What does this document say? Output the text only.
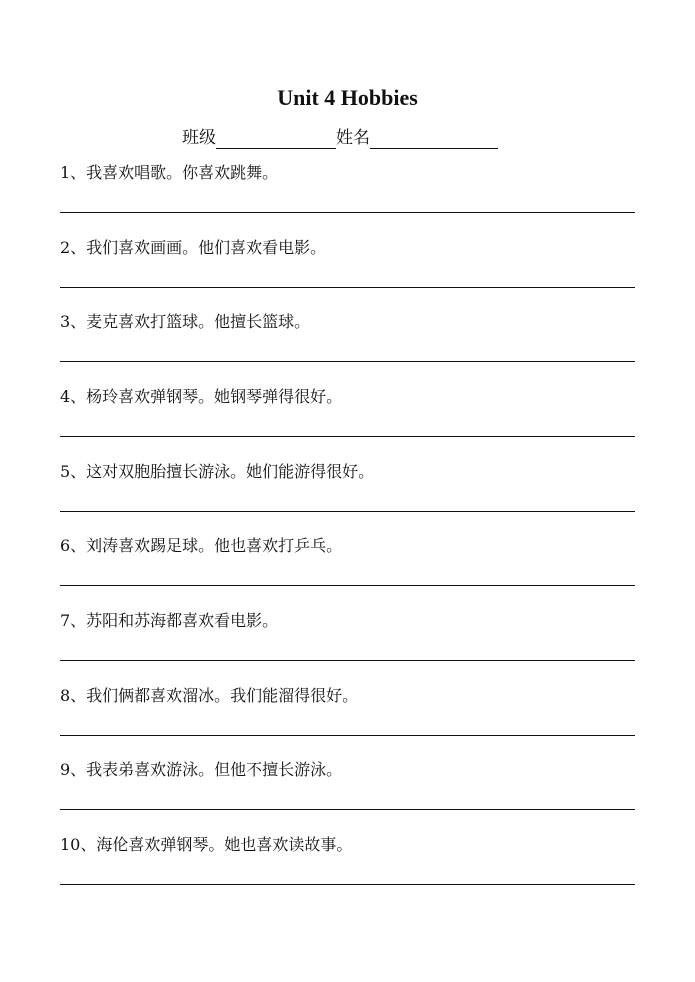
Unit 4 Hobbies
班级	姓名
1、我喜欢唱歌。你喜欢跳舞。
2、我们喜欢画画。他们喜欢看电影。
3、麦克喜欢打篮球。他擅长篮球。
4、杨玲喜欢弹钢琴。她钢琴弹得很好。
5、这对双胞胎擅长游泳。她们能游得很好。
6、刘涛喜欢踢足球。他也喜欢打乒乓。
7、苏阳和苏海都喜欢看电影。
8、我们俩都喜欢溜冰。我们能溜得很好。
9、我表弟喜欢游泳。但他不擅长游泳。
10、海伦喜欢弹钢琴。她也喜欢读故事。
